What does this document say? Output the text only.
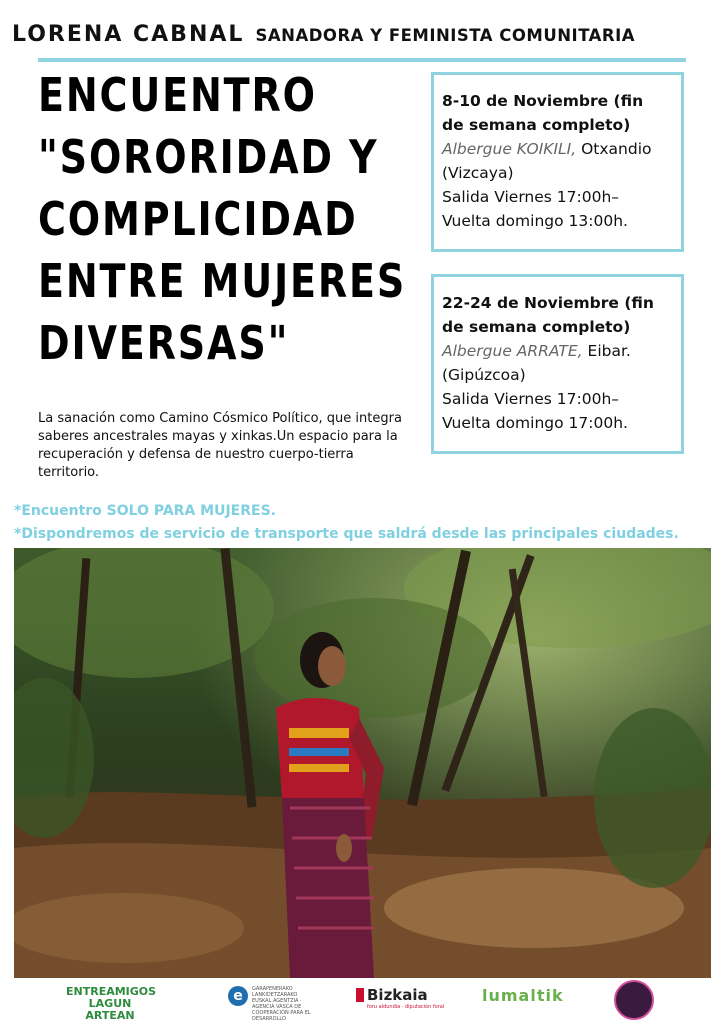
LORENA CABNAL SANADORA Y FEMINISTA COMUNITARIA
ENCUENTRO
"SORORIDAD Y
COMPLICIDAD
ENTRE MUJERES
DIVERSAS"
La sanación como Camino Cósmico Político, que integra saberes ancestrales mayas y xinkas.Un espacio para la recuperación y defensa de nuestro cuerpo-tierra territorio.
8-10 de Noviembre (fin de semana completo)
Albergue KOIKILI, Otxandio (Vizcaya)
Salida Viernes 17:00h–
Vuelta domingo 13:00h.
22-24 de Noviembre (fin de semana completo)
Albergue ARRATE, Eibar. (Gipúzcoa)
Salida Viernes 17:00h–
Vuelta domingo 17:00h.
*Encuentro SOLO PARA MUJERES.
*Dispondremos de servicio de transporte que saldrá desde las principales ciudades.
ENTREAMIGOS
LAGUN ARTEAN
e GARAPENERAKO LANKIDETZARAKO EUSKAL AGENTZIA · AGENCIA VASCA DE COOPERACIÓN PARA EL DESARROLLO
Bizkaia
foru aldundia · diputación foral
lumaltik
